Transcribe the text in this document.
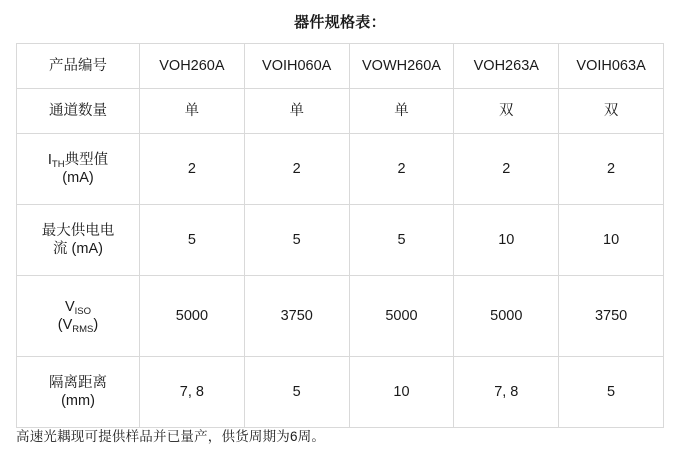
器件规格表：
产品编号	VOH260A	VOIH060A	VOWH260A	VOH263A	VOIH063A
通道数量	单	单	单	双	双

$I_{TH}$典型值
(mA)	2	2	2	2	2

最大供电电
流 (mA)	5	5	5	10	10

$V_{ISO}$
$(V_{RMS})$	5000	3750	5000	5000	3750

隔离距离
(mm)	7, 8	5	10	7, 8	5
高速光耦现可提供样品并已量产，供货周期为6周。
